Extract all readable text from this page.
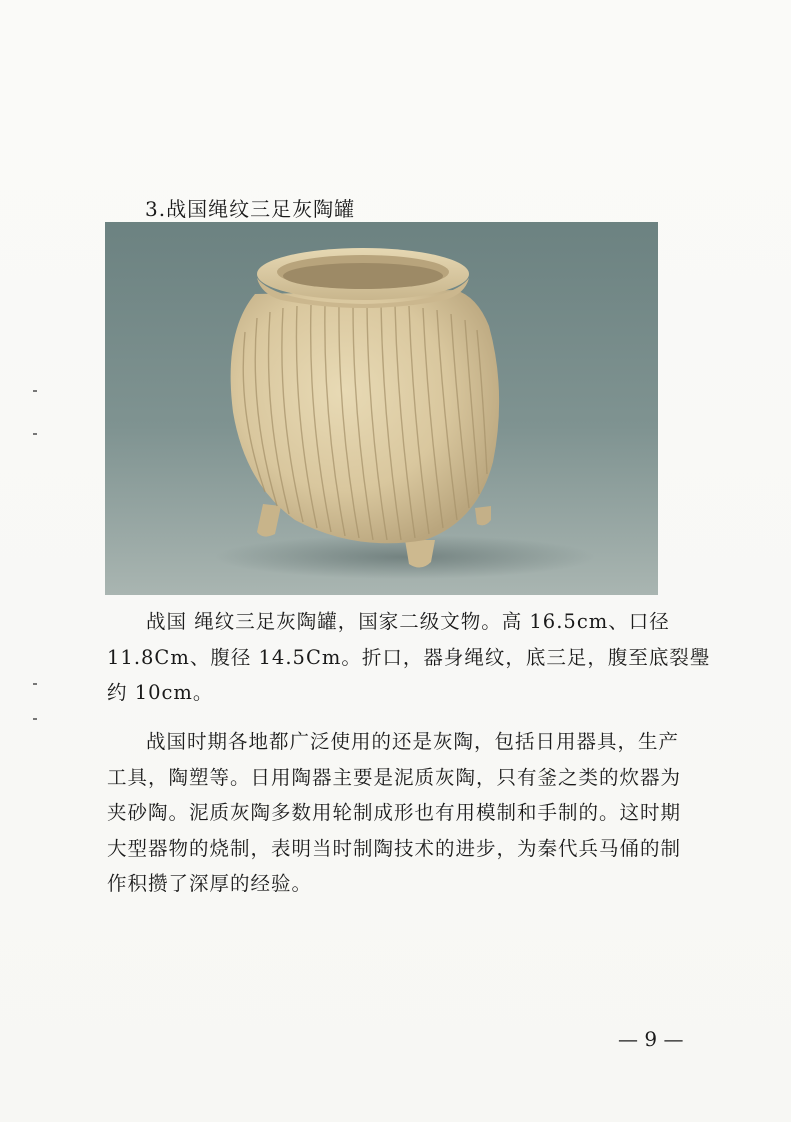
3.战国绳纹三足灰陶罐
战国 绳纹三足灰陶罐，国家二级文物。高 16.5cm、口径
11.8Cm、腹径 14.5Cm。折口，器身绳纹，底三足，腹至底裂璺
约 10cm。
战国时期各地都广泛使用的还是灰陶，包括日用器具，生产
工具，陶塑等。日用陶器主要是泥质灰陶，只有釜之类的炊器为
夹砂陶。泥质灰陶多数用轮制成形也有用模制和手制的。这时期
大型器物的烧制，表明当时制陶技术的进步，为秦代兵马俑的制
作积攒了深厚的经验。
— 9 —
